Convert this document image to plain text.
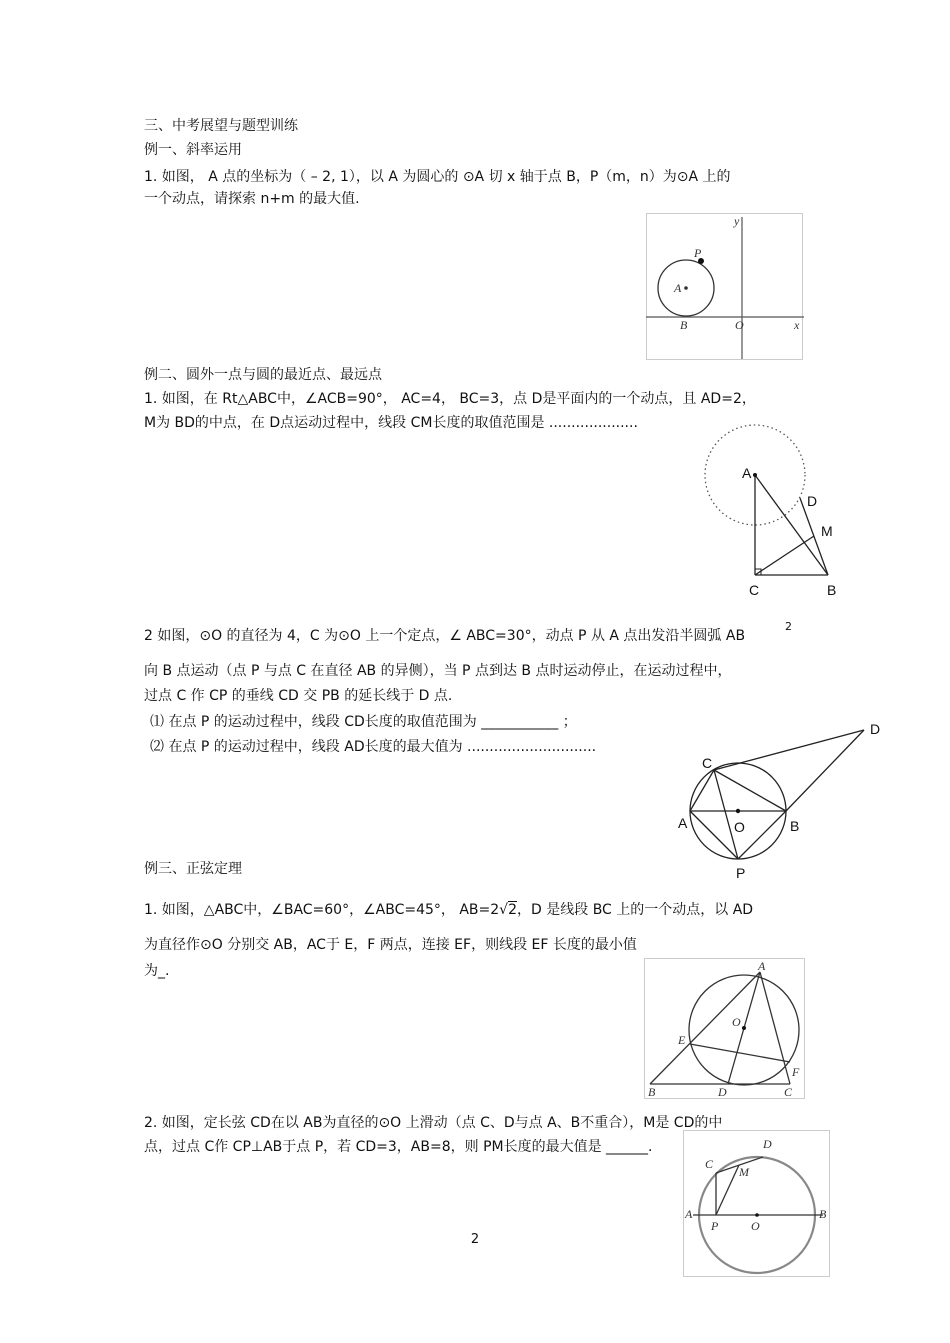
三、中考展望与题型训练
例一、斜率运用
1. 如图， A 点的坐标为（ – 2, 1），以 A 为圆心的 ⊙A 切 x 轴于点 B，P（m，n）为⊙A 上的
一个动点，请探索 n+m 的最大值.
y
x
O
B
A
P
例二、圆外一点与圆的最近点、最远点
1. 如图，在 Rt△ABC中，∠ACB=90°， AC=4， BC=3，点 D是平面内的一个动点，且 AD=2，
M为 BD的中点，在 D点运动过程中，线段 CM长度的取值范围是 ....................
A
D
M
C	B
2 如图，⊙O 的直径为 4，C 为⊙O 上一个定点，∠ ABC=30°，动点 P 从 A 点出发沿半圆弧 AB
2
向 B 点运动（点 P 与点 C 在直径 AB 的异侧），当 P 点到达 B 点时运动停止，在运动过程中，
过点 C 作 CP 的垂线 CD 交 PB 的延长线于 D 点.
⑴ 在点 P 的运动过程中，线段 CD长度的取值范围为 ___________ ；
⑵ 在点 P 的运动过程中，线段 AD长度的最大值为 .............................
C
D
A	O	B
P
例三、正弦定理
1. 如图，△ABC中，∠BAC=60°，∠ABC=45°， AB=2√2，D 是线段 BC 上的一个动点，以 AD
为直径作⊙O 分别交 AB，AC于 E，F 两点，连接 EF，则线段 EF 长度的最小值
为_.	A
O
E
F
B	D	C
2. 如图，定长弦 CD在以 AB为直径的⊙O 上滑动（点 C、D与点 A、B不重合），M是 CD的中
点，过点 C作 CP⊥AB于点 P，若 CD=3，AB=8，则 PM长度的最大值是 ______.	D
C
M
A
P	O
B
2
